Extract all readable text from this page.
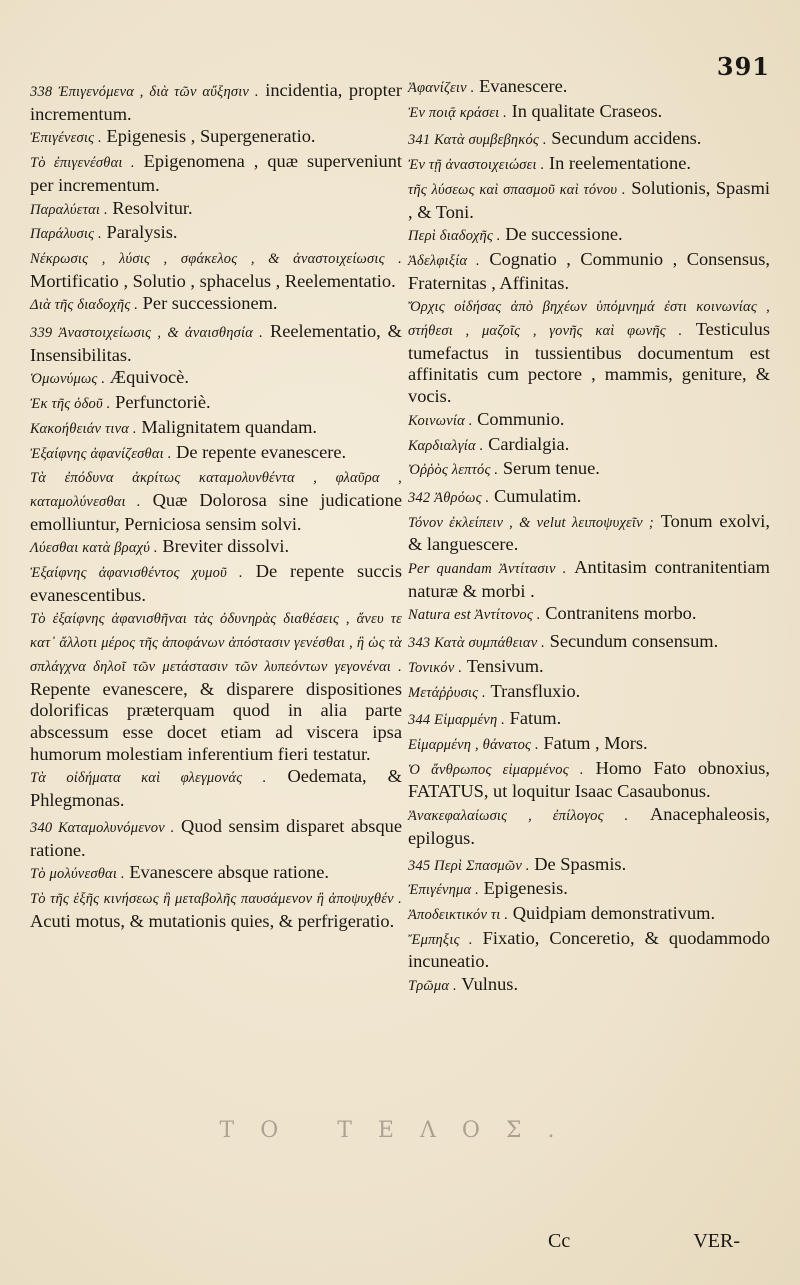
391

338 Ἐπιγενόμενα , διὰ τῶν αὔξησιν . incidentia, propter incrementum.

Ἐπιγένεσις . Epigenesis , Supergeneratio.

Τὸ ἐπιγενέσθαι . Epigenomena , quæ superveniunt per incrementum.

Παραλύεται . Resolvitur.

Παράλυσις . Paralysis.

Νέκρωσις , λύσις , σφάκελος , & ἀναστοιχείωσις . Mortificatio , Solutio , sphacelus , Reelementatio.

Διὰ τῆς διαδοχῆς . Per successionem.

339 Ἀναστοιχείωσις , & ἀναισθησία . Reelementatio, & Insensibilitas.

Ὁμωνύμως . Æquivocè.

Ἐκ τῆς ὁδοῦ . Perfunctoriè.

Κακοήθειάν τινα . Malignitatem quandam.

Ἐξαίφνης ἀφανίζεσθαι . De repente evanescere.

Τὰ ἐπόδυνα ἀκρίτως καταμολυνθέντα , φλαῦρα , καταμολύνεσθαι . Quæ Dolorosa sine judicatione emolliuntur, Perniciosa sensim solvi.

Λύεσθαι κατὰ βραχύ . Breviter dissolvi.

Ἐξαίφνης ἀφανισθέντος χυμοῦ . De repente succis evanescentibus.

Τὸ ἐξαίφνης ἀφανισθῆναι τὰς ὀδυνηρὰς διαθέσεις , ἄνευ τε κατ᾽ ἄλλοτι μέρος τῆς ἀποφάνων ἀπόστασιν γενέσθαι , ἢ ὡς τὰ σπλάγχνα δηλοῖ τῶν μετάστασιν τῶν λυπεόντων γεγονέναι . Repente evanescere, & disparere dispositiones dolorificas præterquam quod in alia parte abscessum esse docet etiam ad viscera ipsa humorum molestiam inferentium fieri testatur.

Τὰ οἰδήματα καὶ φλεγμονάς . Oedemata, & Phlegmonas.

340 Καταμολυνόμενον . Quod sensim disparet absque ratione.

Τὸ μολύνεσθαι . Evanescere absque ratione.

Τὸ τῆς ἑξῆς κινήσεως ἢ μεταβολῆς παυσάμενον ἢ ἀποψυχθέν . Acuti motus, & mutationis quies, & perfrigeratio.

Ἀφανίζειν . Evanescere.

Ἐν ποιᾷ κράσει . In qualitate Craseos.

341 Κατὰ συμβεβηκός . Secundum accidens.

Ἐν τῇ ἀναστοιχειώσει . In reelementatione.

τῆς λύσεως καὶ σπασμοῦ καὶ τόνου . Solutionis, Spasmi , & Toni.

Περὶ διαδοχῆς . De successione.

Ἀδελφιξία . Cognatio , Communio , Consensus, Fraternitas , Affinitas.

Ὄρχις οἰδήσας ἀπὸ βηχέων ὑπόμνημά ἐστι κοινωνίας , στήθεσι , μαζοῖς , γονῆς καὶ φωνῆς . Testiculus tumefactus in tussientibus documentum est affinitatis cum pectore , mammis, geniture, & vocis.

Κοινωνία . Communio.

Καρδιαλγία . Cardialgia.

Ὀῤῥὸς λεπτός . Serum tenue.

342 Ἀθρόως . Cumulatim.

Τόνον ἐκλείπειν , & velut λειποψυχεῖν ; Tonum exolvi, & languescere.

Per quandam Ἀντίτασιν . Antitasim contranitentiam naturæ & morbi .

Natura est Ἀντίτονος . Contranitens morbo.

343 Κατὰ συμπάθειαν . Secundum consensum.

Τονικόν . Tensivum.

Μετάῤῥυσις . Transfluxio.

344 Εἱμαρμένη . Fatum.

Εἱμαρμένη , θάνατος . Fatum , Mors.

Ὁ ἄνθρωπος εἱμαρμένος . Homo Fato obnoxius, FATATUS, ut loquitur Isaac Casaubonus.

Ἀνακεφαλαίωσις , ἐπίλογος . Anacephaleosis, epilogus.

345 Περὶ Σπασμῶν . De Spasmis.

Ἐπιγένημα . Epigenesis.

Ἀποδεικτικόν τι . Quidpiam demonstrativum.

Ἔμπηξις . Fixatio, Conceretio, & quodammodo incuneatio.

Τρῶμα . Vulnus.

ΤΟ ΤΕΛΟΣ.
Cc	VER-
